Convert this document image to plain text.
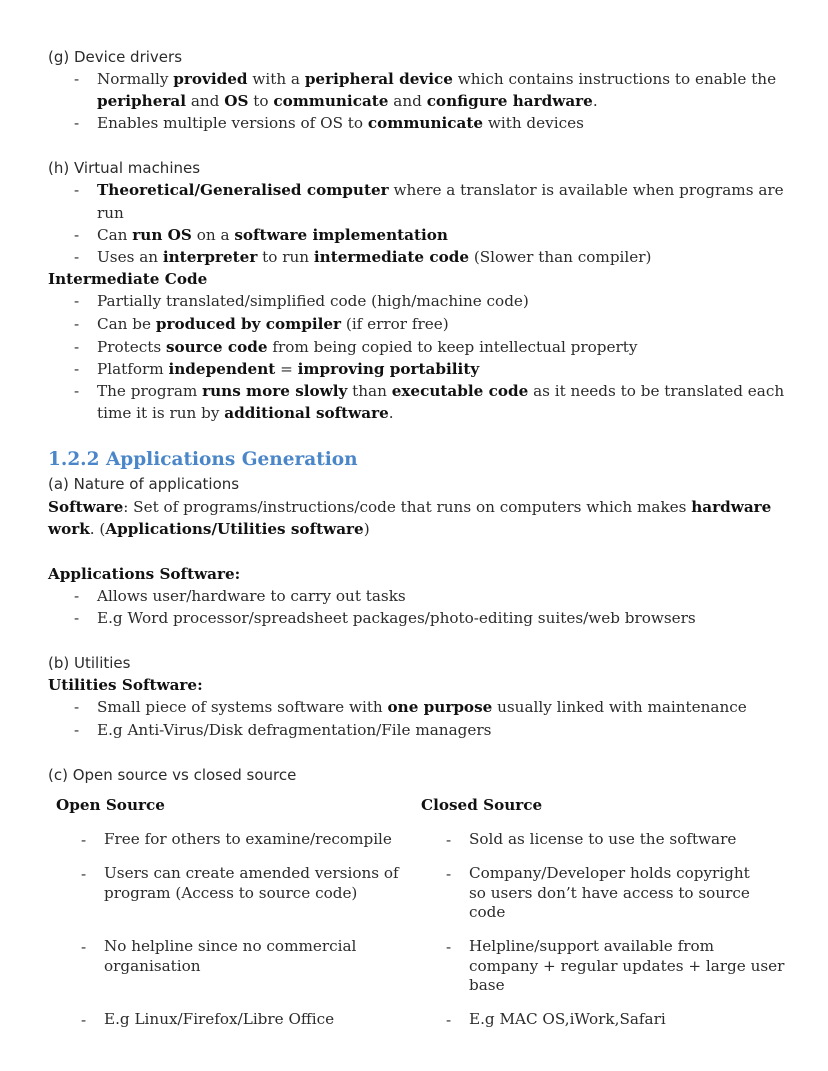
(g) Device drivers
- Normally provided with a peripheral device which contains instructions to enable the
peripheral and OS to communicate and configure hardware.
- Enables multiple versions of OS to communicate with devices
(h) Virtual machines
- Theoretical/Generalised computer where a translator is available when programs are
run
- Can run OS on a software implementation
- Uses an interpreter to run intermediate code (Slower than compiler)
Intermediate Code
- Partially translated/simplified code (high/machine code)
- Can be produced by compiler (if error free)
- Protects source code from being copied to keep intellectual property
- Platform independent = improving portability
- The program runs more slowly than executable code as it needs to be translated each
time it is run by additional software.
1.2.2 Applications Generation
(a) Nature of applications
Software: Set of programs/instructions/code that runs on computers which makes hardware
work. (Applications/Utilities software)
Applications Software:
- Allows user/hardware to carry out tasks
- E.g Word processor/spreadsheet packages/photo-editing suites/web browsers
(b) Utilities
Utilities Software:
- Small piece of systems software with one purpose usually linked with maintenance
- E.g Anti-Virus/Disk defragmentation/File managers
(c) Open source vs closed source
Open Source	Closed Source
- Free for others to examine/recompile
- Users can create amended versions of
program (Access to source code)
- No helpline since no commercial
organisation
- E.g Linux/Firefox/Libre Office
- Sold as license to use the software
- Company/Developer holds copyright
so users don’t have access to source
code
- Helpline/support available from
company + regular updates + large user
base
- E.g MAC OS,iWork,Safari
